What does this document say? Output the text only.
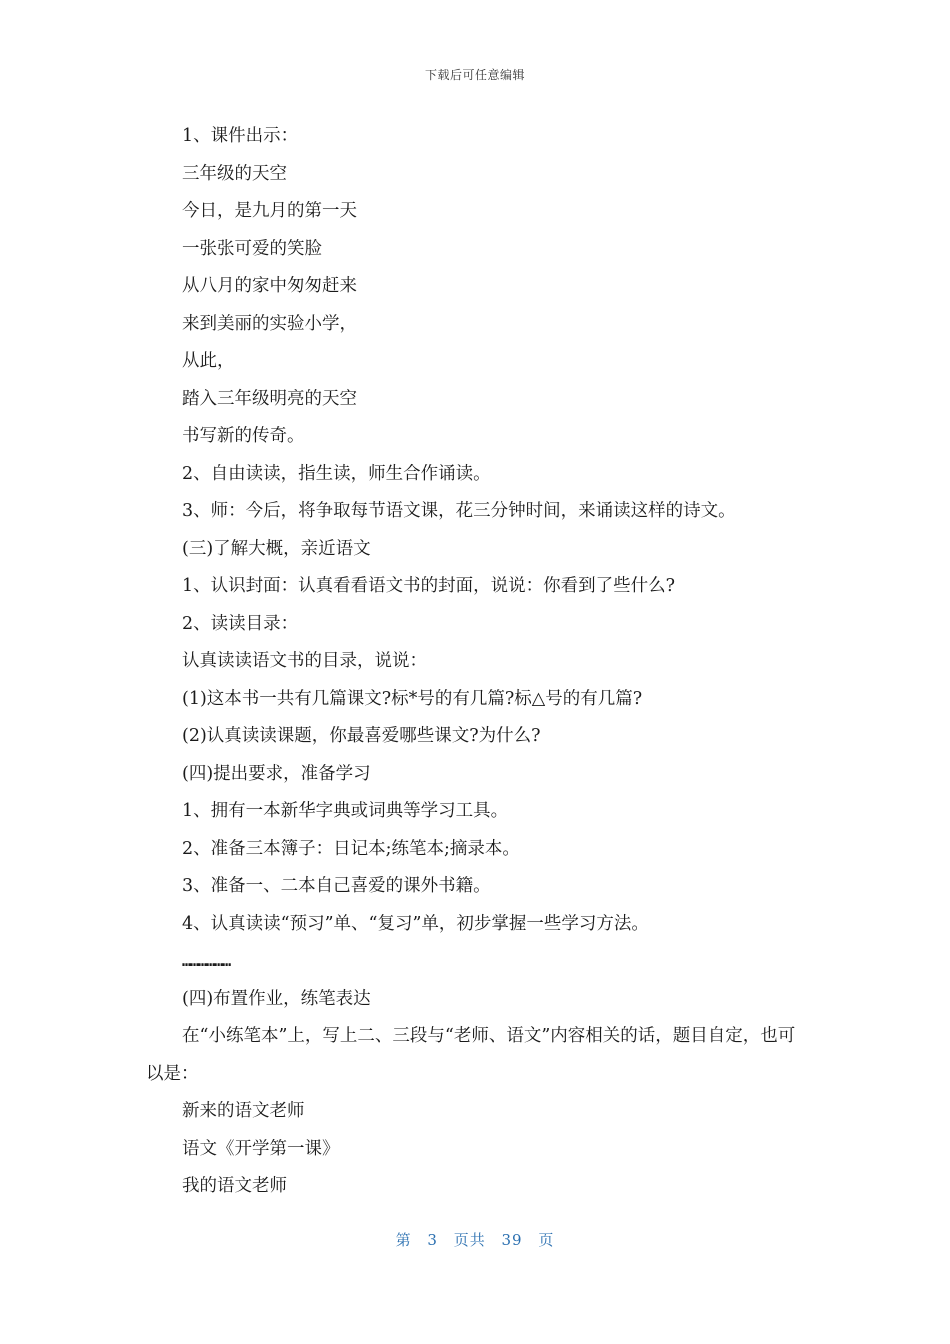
下载后可任意编辑
1、课件出示：
三年级的天空
今日，是九月的第一天
一张张可爱的笑脸
从八月的家中匆匆赶来
来到美丽的实验小学，
从此，
踏入三年级明亮的天空
书写新的传奇。
2、自由读读，指生读，师生合作诵读。
3、师：今后，将争取每节语文课，花三分钟时间，来诵读这样的诗文。
(三)了解大概，亲近语文
1、认识封面：认真看看语文书的封面，说说：你看到了些什么?
2、读读目录：
认真读读语文书的目录，说说：
(1)这本书一共有几篇课文?标*号的有几篇?标△号的有几篇?
(2)认真读读课题，你最喜爱哪些课文?为什么?
(四)提出要求，准备学习
1、拥有一本新华字典或词典等学习工具。
2、准备三本簿子：日记本;练笔本;摘录本。
3、准备一、二本自己喜爱的课外书籍。
4、认真读读“预习”单、“复习”单，初步掌握一些学习方法。
………………
(四)布置作业，练笔表达
在“小练笔本”上，写上二、三段与“老师、语文”内容相关的话，题目自定，也可以是：
新来的语文老师
语文《开学第一课》
我的语文老师
第 3 页共 39 页
